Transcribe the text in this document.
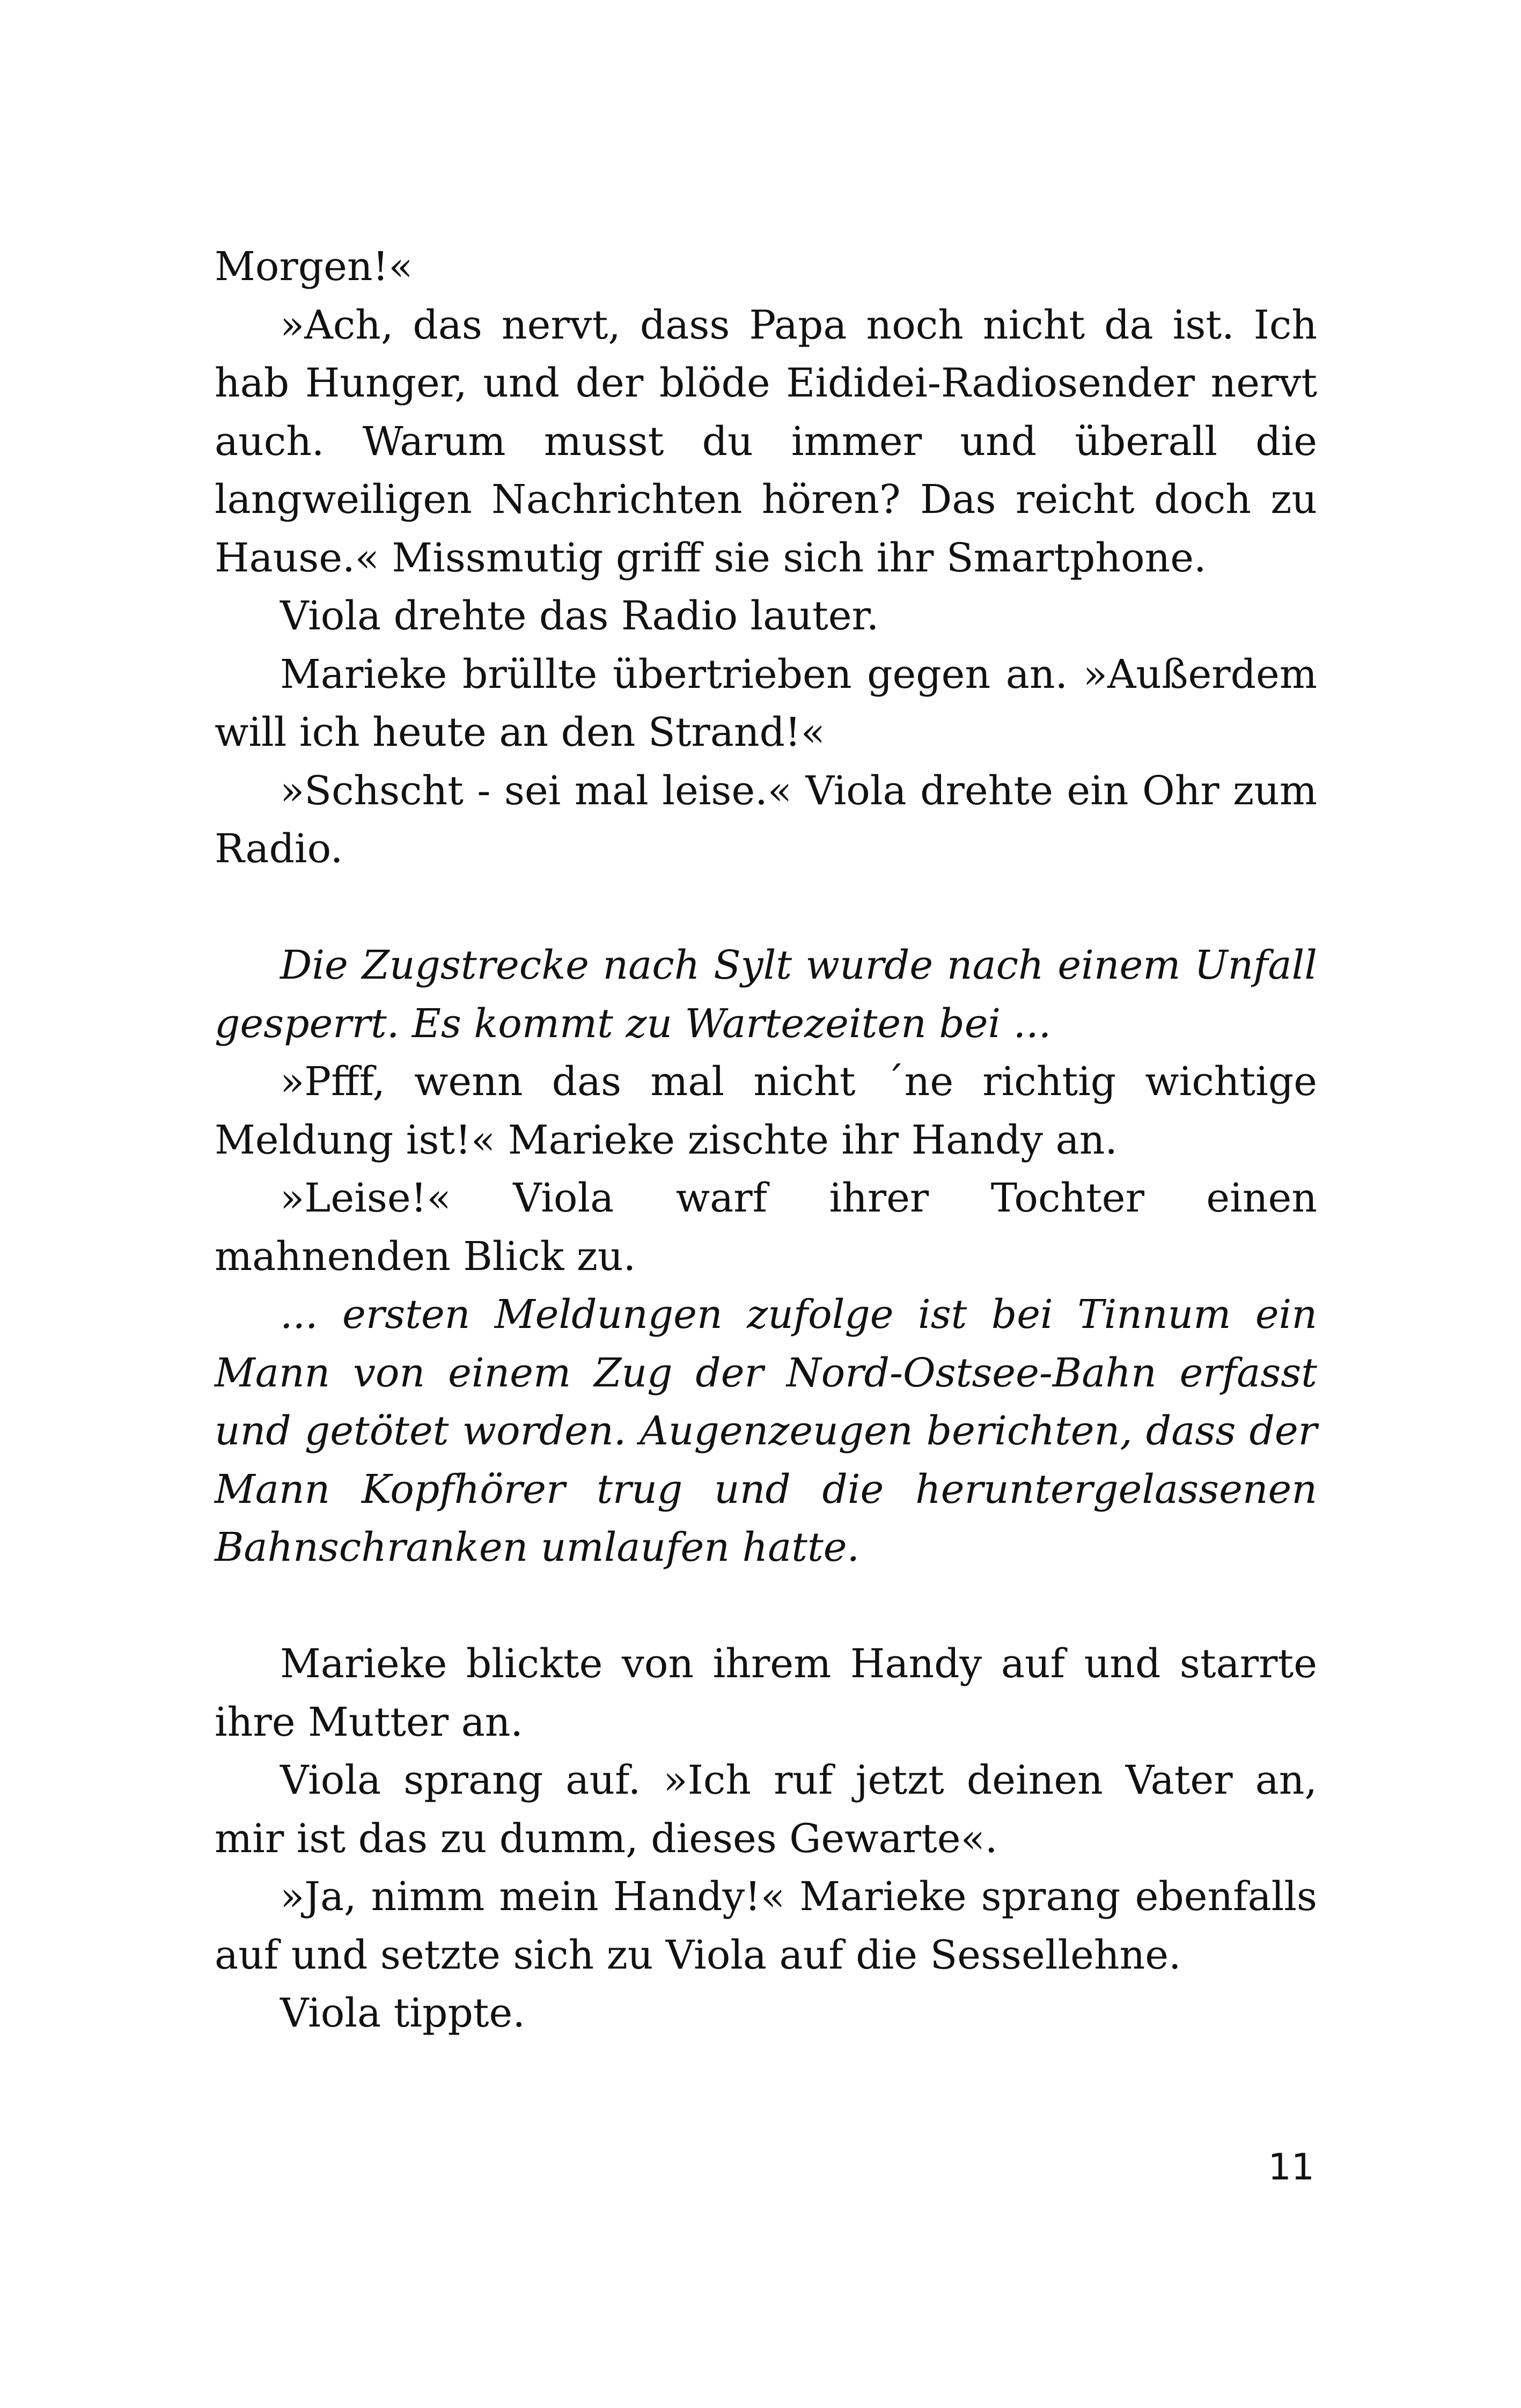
Morgen!«

»Ach, das nervt, dass Papa noch nicht da ist. Ich hab Hunger, und der blöde Eididei-Radiosender nervt auch. Warum musst du immer und überall die langweiligen Nachrichten hören? Das reicht doch zu Hause.« Missmutig griff sie sich ihr Smartphone.

Viola drehte das Radio lauter.

Marieke brüllte übertrieben gegen an. »Außerdem will ich heute an den Strand!«

»Schscht - sei mal leise.« Viola drehte ein Ohr zum Radio.

Die Zugstrecke nach Sylt wurde nach einem Unfall gesperrt. Es kommt zu Wartezeiten bei ...

»Pfff, wenn das mal nicht ´ne richtig wichtige Meldung ist!« Marieke zischte ihr Handy an.

»Leise!« Viola warf ihrer Tochter einen mahnenden Blick zu.

... ersten Meldungen zufolge ist bei Tinnum ein Mann von einem Zug der Nord-Ostsee-Bahn erfasst und getötet worden. Augenzeugen berichten, dass der Mann Kopfhörer trug und die heruntergelassenen Bahnschranken umlaufen hatte.

Marieke blickte von ihrem Handy auf und starrte ihre Mutter an.

Viola sprang auf. »Ich ruf jetzt deinen Vater an, mir ist das zu dumm, dieses Gewarte«.

»Ja, nimm mein Handy!« Marieke sprang ebenfalls auf und setzte sich zu Viola auf die Sessellehne.

Viola tippte.

11
